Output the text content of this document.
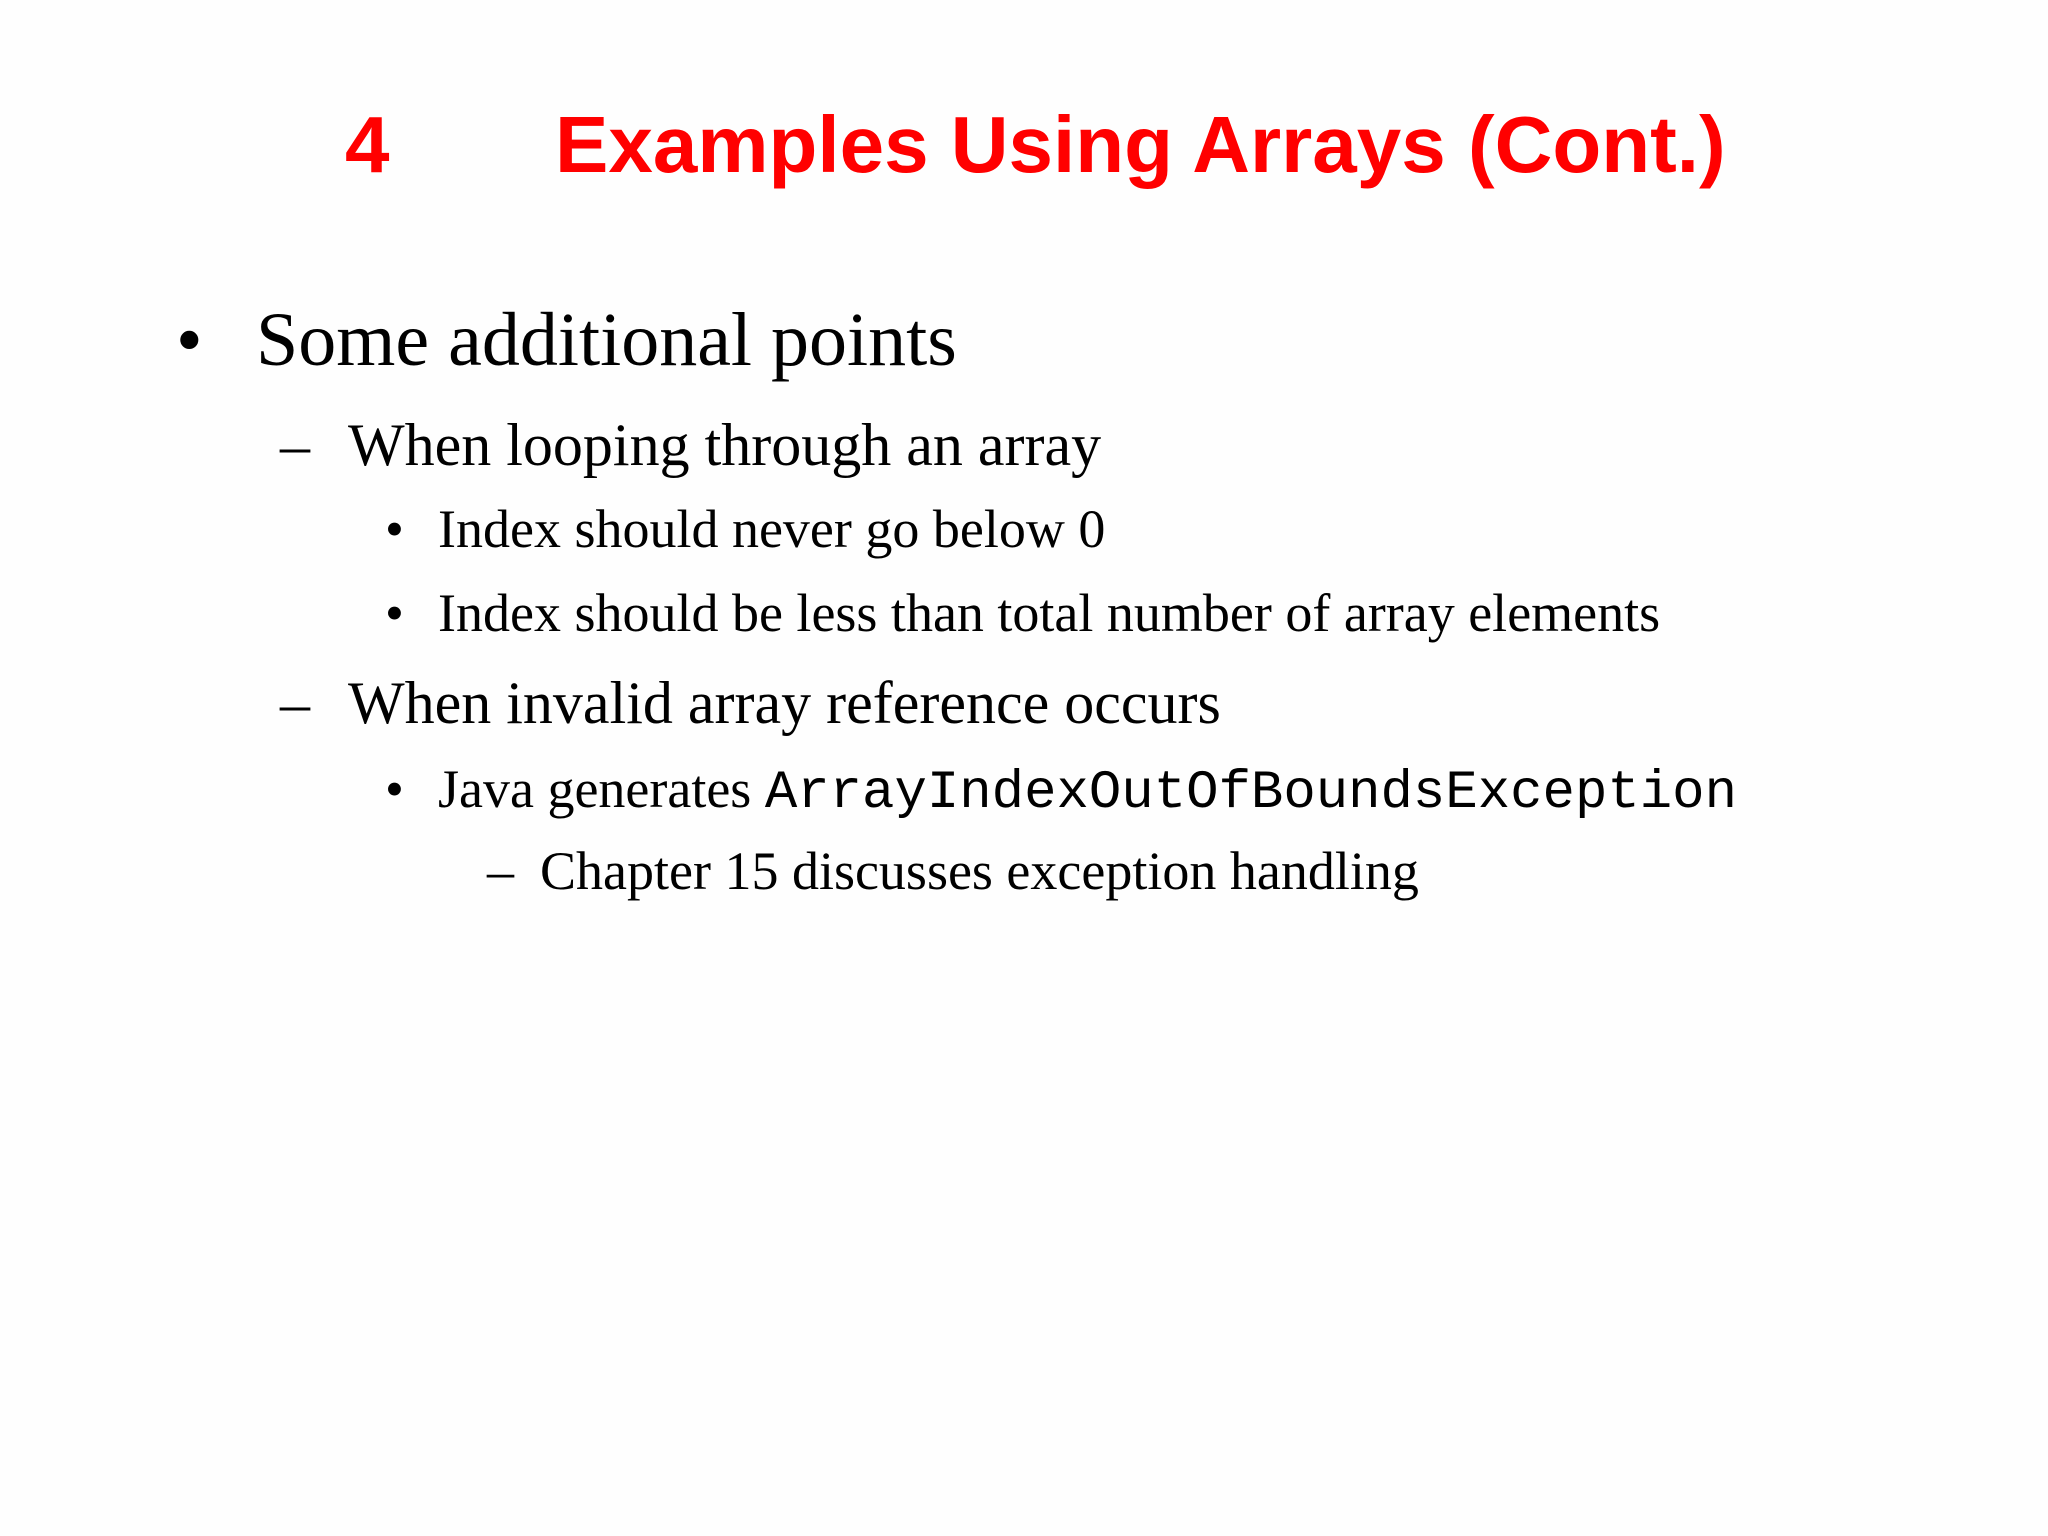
4 Examples Using Arrays (Cont.)
• Some additional points
– When looping through an array
• Index should never go below 0
• Index should be less than total number of array elements
– When invalid array reference occurs
• Java generates ArrayIndexOutOfBoundsException
– Chapter 15 discusses exception handling
